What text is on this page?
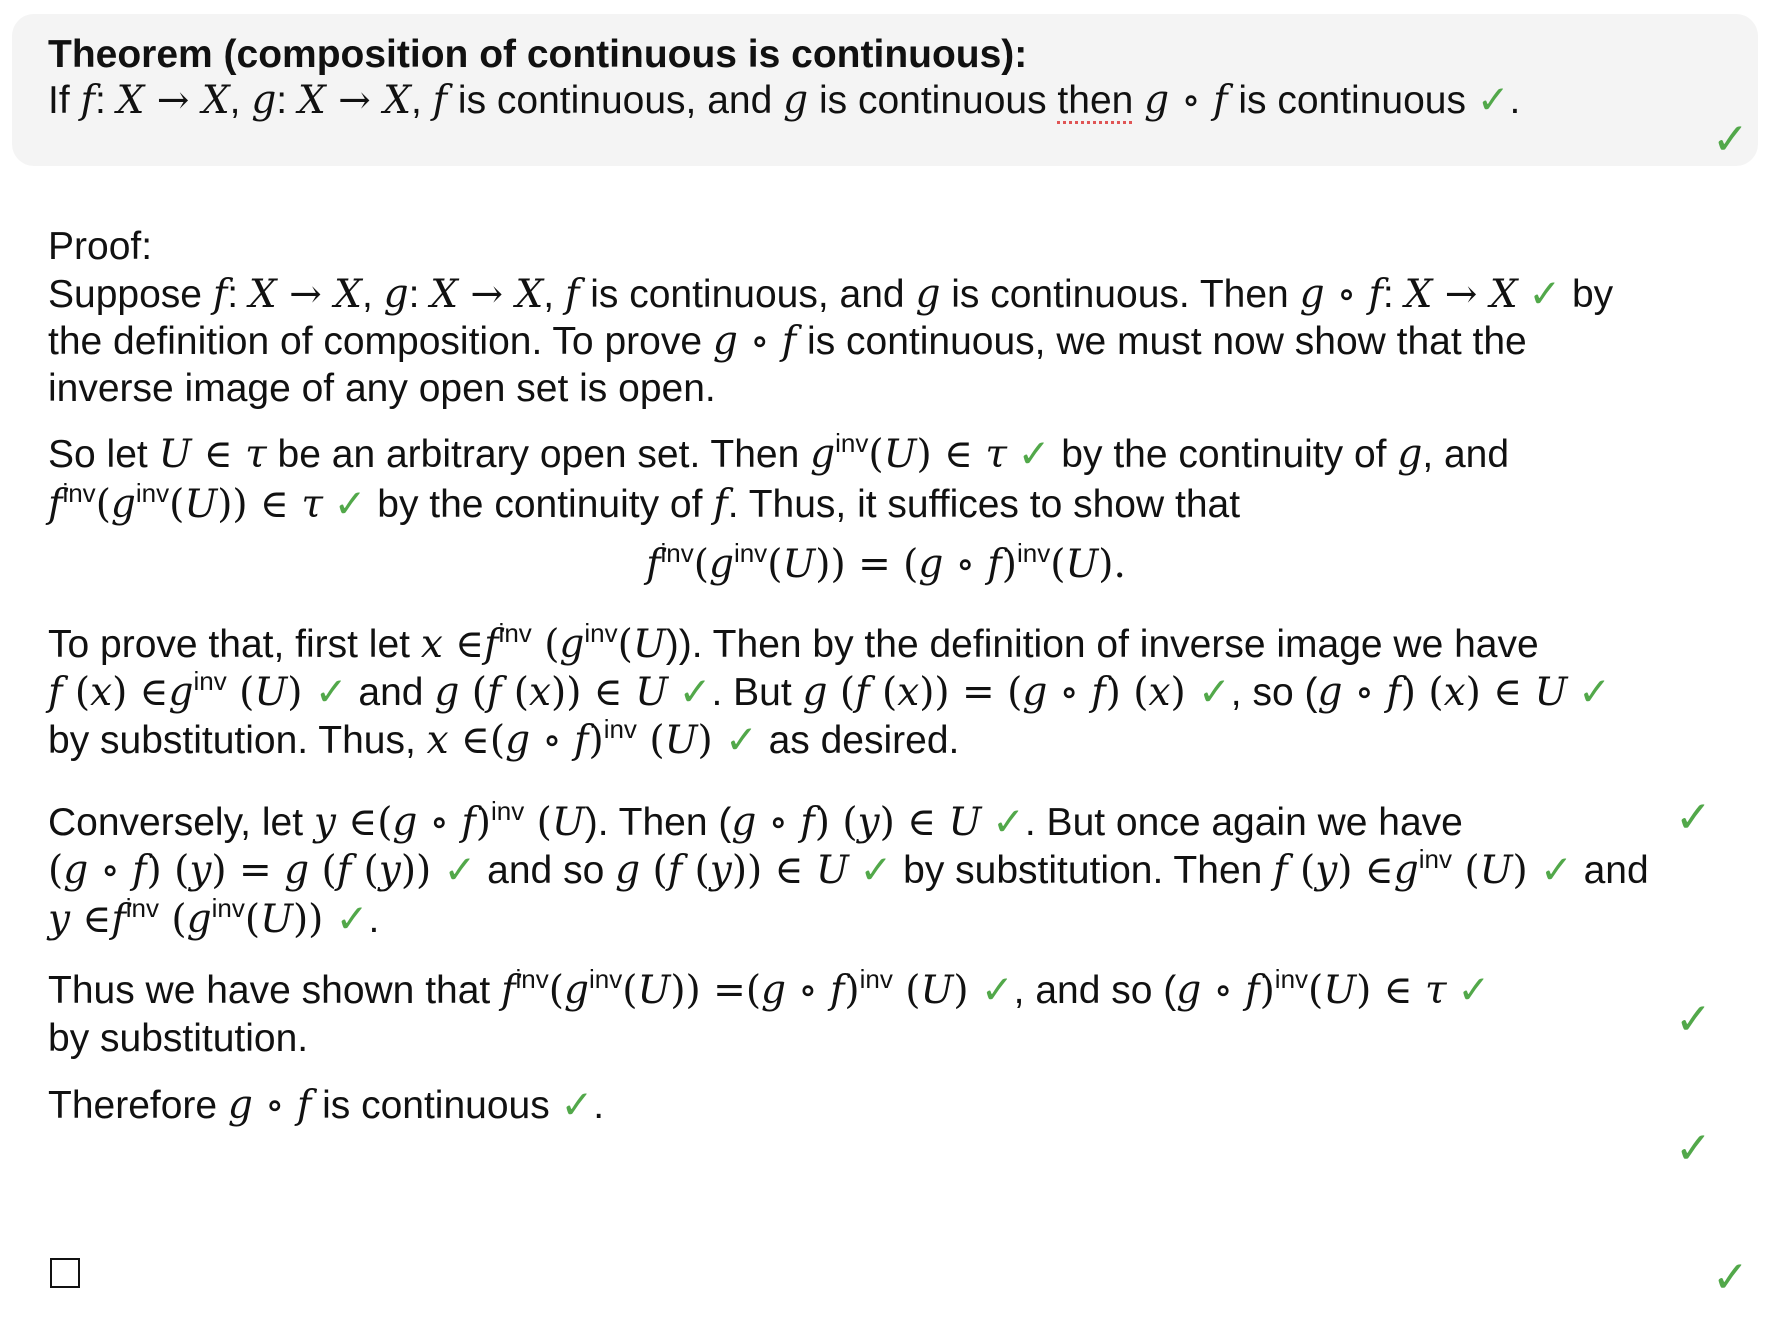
Theorem (composition of continuous is continuous):
If f: X → X, g: X → X, f is continuous, and g is continuous then g ∘ f is continuous ✓.
Proof:
Suppose f: X → X, g: X → X, f is continuous, and g is continuous. Then g ∘ f: X → X ✓ by
the definition of composition. To prove g ∘ f is continuous, we must now show that the
inverse image of any open set is open.
So let U ∈ τ be an arbitrary open set. Then $g^{inv}(U)$ ∈ τ ✓ by the continuity of g, and
$f^{inv}(g^{inv}(U))$ ∈ τ ✓ by the continuity of f. Thus, it suffices to show that
$f^{inv}(g^{inv}(U)) = (g$ ∘ f)$^{inv}$(U).
To prove that, first let x $\in f^{inv}$ $(g^{inv}(U))$. Then by the definition of inverse image we have
f (x) $\in g^{inv}$ (U) ✓ and g (f (x)) ∈ U ✓. But g (f (x)) = (g ∘ f) (x) ✓, so (g ∘ f) (x) ∈ U ✓
by substitution. Thus, x ∈(g ∘ f)$^{inv}$ (U) ✓ as desired.
Conversely, let y ∈(g ∘ f)$^{inv}$ (U). Then (g ∘ f) (y) ∈ U ✓. But once again we have
(g ∘ f) (y) = g (f (y)) ✓ and so g (f (y)) ∈ U ✓ by substitution. Then f (y) $\in g^{inv}$ (U) ✓ and
y $\in f^{inv}$ $(g^{inv}(U))$ ✓.
Thus we have shown that $f^{inv}(g^{inv}(U)) =(g$ ∘ f)$^{inv}$ (U) ✓, and so (g ∘ f)$^{inv}$(U) ∈ τ ✓
by substitution.
Therefore g ∘ f is continuous ✓.
✓
✓
✓
✓
✓
